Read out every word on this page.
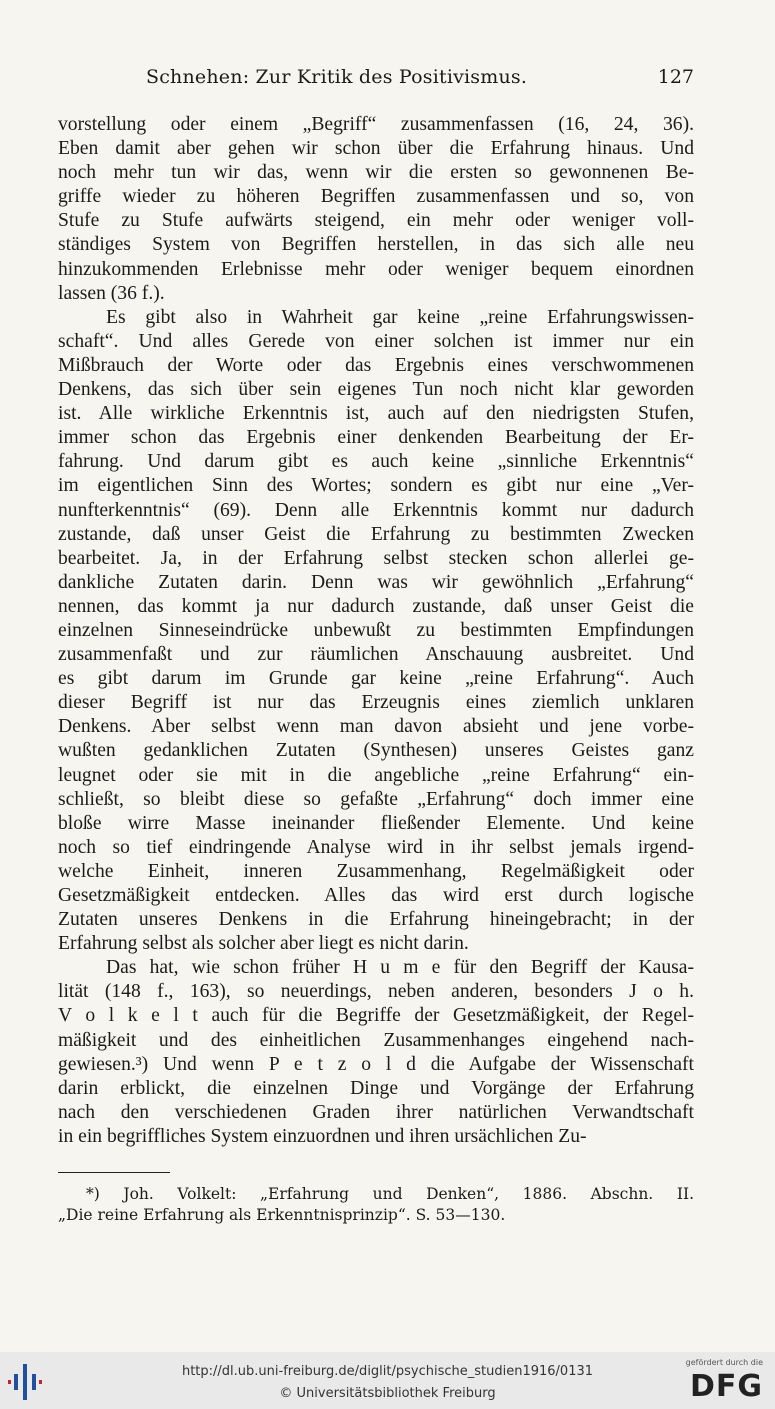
Schnehen: Zur Kritik des Positivismus.	127
vorstellung oder einem „Begriff“ zusammenfassen (16, 24, 36).
Eben damit aber gehen wir schon über die Erfahrung hinaus. Und
noch mehr tun wir das, wenn wir die ersten so gewonnenen Be-
griffe wieder zu höheren Begriffen zusammenfassen und so, von
Stufe zu Stufe aufwärts steigend, ein mehr oder weniger voll-
ständiges System von Begriffen herstellen, in das sich alle neu
hinzukommenden Erlebnisse mehr oder weniger bequem einordnen
lassen (36 f.).
Es gibt also in Wahrheit gar keine „reine Erfahrungswissen-
schaft“. Und alles Gerede von einer solchen ist immer nur ein
Mißbrauch der Worte oder das Ergebnis eines verschwommenen
Denkens, das sich über sein eigenes Tun noch nicht klar geworden
ist. Alle wirkliche Erkenntnis ist, auch auf den niedrigsten Stufen,
immer schon das Ergebnis einer denkenden Bearbeitung der Er-
fahrung. Und darum gibt es auch keine „sinnliche Erkenntnis“
im eigentlichen Sinn des Wortes; sondern es gibt nur eine „Ver-
nunfterkenntnis“ (69). Denn alle Erkenntnis kommt nur dadurch
zustande, daß unser Geist die Erfahrung zu bestimmten Zwecken
bearbeitet. Ja, in der Erfahrung selbst stecken schon allerlei ge-
dankliche Zutaten darin. Denn was wir gewöhnlich „Erfahrung“
nennen, das kommt ja nur dadurch zustande, daß unser Geist die
einzelnen Sinneseindrücke unbewußt zu bestimmten Empfindungen
zusammenfaßt und zur räumlichen Anschauung ausbreitet. Und
es gibt darum im Grunde gar keine „reine Erfahrung“. Auch
dieser Begriff ist nur das Erzeugnis eines ziemlich unklaren
Denkens. Aber selbst wenn man davon absieht und jene vorbe-
wußten gedanklichen Zutaten (Synthesen) unseres Geistes ganz
leugnet oder sie mit in die angebliche „reine Erfahrung“ ein-
schließt, so bleibt diese so gefaßte „Erfahrung“ doch immer eine
bloße wirre Masse ineinander fließender Elemente. Und keine
noch so tief eindringende Analyse wird in ihr selbst jemals irgend-
welche Einheit, inneren Zusammenhang, Regelmäßigkeit oder
Gesetzmäßigkeit entdecken. Alles das wird erst durch logische
Zutaten unseres Denkens in die Erfahrung hineingebracht; in der
Erfahrung selbst als solcher aber liegt es nicht darin.
Das hat, wie schon früher H u m e für den Begriff der Kausa-
lität (148 f., 163), so neuerdings, neben anderen, besonders J o h.
V o l k e l t auch für die Begriffe der Gesetzmäßigkeit, der Regel-
mäßigkeit und des einheitlichen Zusammenhanges eingehend nach-
gewiesen.³) Und wenn P e t z o l d die Aufgabe der Wissenschaft
darin erblickt, die einzelnen Dinge und Vorgänge der Erfahrung
nach den verschiedenen Graden ihrer natürlichen Verwandtschaft
in ein begriffliches System einzuordnen und ihren ursächlichen Zu-
*) Joh. Volkelt: „Erfahrung und Denken“, 1886. Abschn. II.
„Die reine Erfahrung als Erkenntnisprinzip“. S. 53—130.
http://dl.ub.uni-freiburg.de/diglit/psychische_studien1916/0131
© Universitätsbibliothek Freiburg
gefördert durch die
DFG
